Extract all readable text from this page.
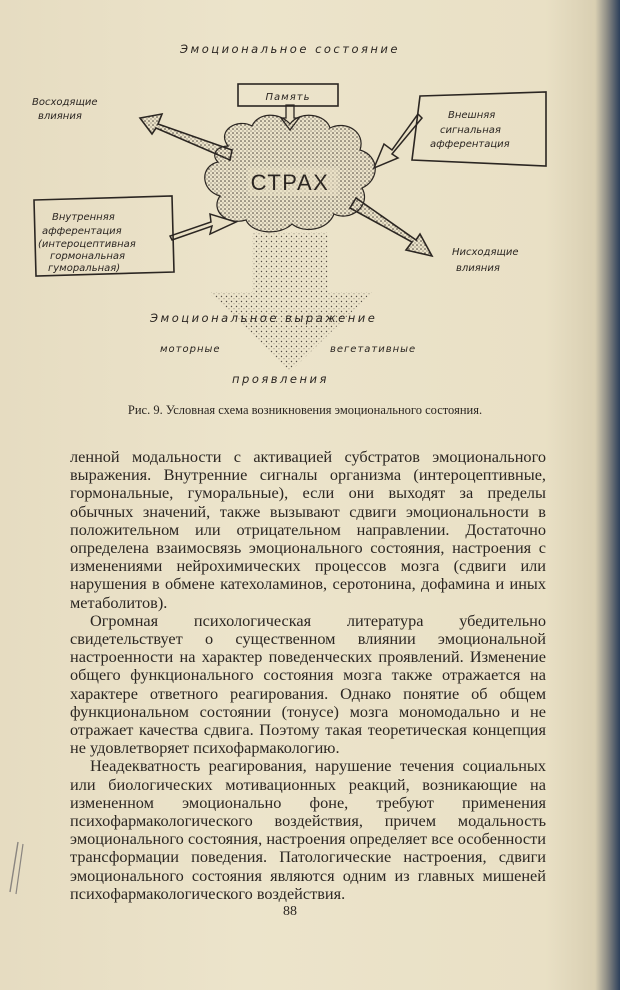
Эмоциональное состояние
СТРАХ
Память
Восходящие
влияния	Внешняя
сигнальная
афферентация
Внутренняя
афферентация
(интероцептивная
гормональная
гуморальная)
Нисходящие
влияния
Эмоциональное выражение
моторные	вегетативные
проявления
Рис. 9. Условная схема возникновения эмоционального состояния.

ленной модальности с активацией субстратов эмоционального выражения. Внутренние сигналы организма (интероцептивные, гормональные, гуморальные), если они выходят за пределы обычных значений, также вызывают сдвиги эмоциональности в положительном или отрицательном направлении. Достаточно определена взаимосвязь эмоционального состояния, настроения с изменениями нейрохимических процессов мозга (сдвиги или нарушения в обмене катехоламинов, серотонина, дофамина и иных метаболитов).

Огромная психологическая литература убедительно свидетельствует о существенном влиянии эмоциональной настроенности на характер поведенческих проявлений. Изменение общего функционального состояния мозга также отражается на характере ответного реагирования. Однако понятие об общем функциональном состоянии (тонусе) мозга мономодально и не отражает качества сдвига. Поэтому такая теоретическая концепция не удовлетворяет психофармакологию.

Неадекватность реагирования, нарушение течения социальных или биологических мотивационных реакций, возникающие на измененном эмоционально фоне, требуют применения психофармакологического воздействия, причем модальность эмоционального состояния, настроения определяет все особенности трансформации поведения. Патологические настроения, сдвиги эмоционального состояния являются одним из главных мишеней психофармакологического воздействия.

88
